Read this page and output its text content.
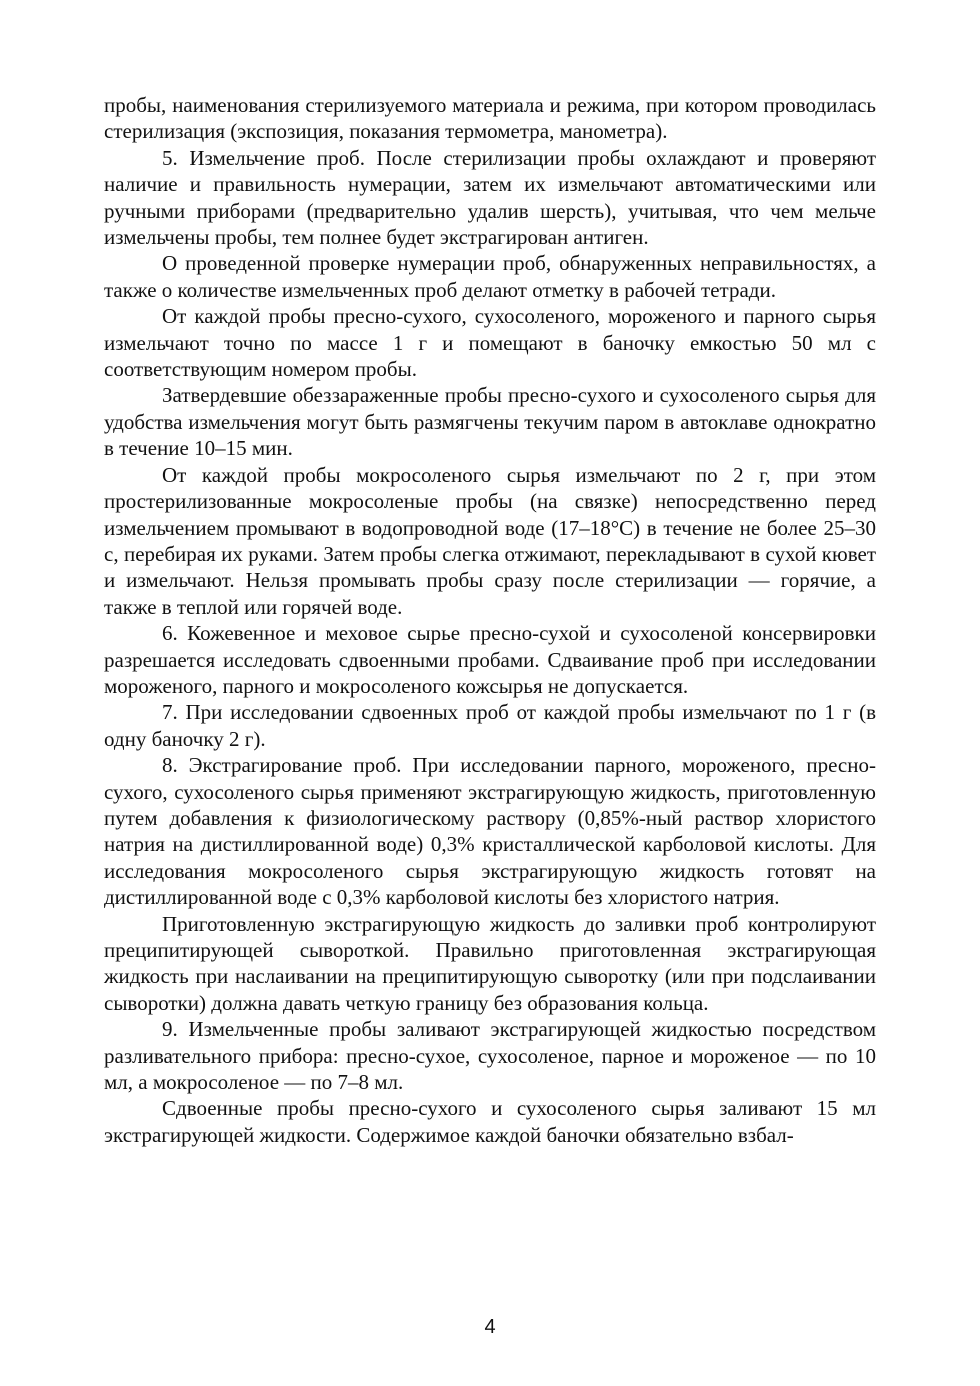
пробы, наименования стерилизуемого материала и режима, при котором проводилась стерилизация (экспозиция, показания термометра, манометра).

5. Измельчение проб. После стерилизации пробы охлаждают и проверяют наличие и правильность нумерации, затем их измельчают автоматическими или ручными приборами (предварительно удалив шерсть), учитывая, что чем мельче измельчены пробы, тем полнее будет экстрагирован антиген.

О проведенной проверке нумерации проб, обнаруженных неправильностях, а также о количестве измельченных проб делают отметку в рабочей тетради.

От каждой пробы пресно-сухого, сухосоленого, мороженого и парного сырья измельчают точно по массе 1 г и помещают в баночку емкостью 50 мл с соответствующим номером пробы.

Затвердевшие обеззараженные пробы пресно-сухого и сухосоленого сырья для удобства измельчения могут быть размягчены текучим паром в автоклаве однократно в течение 10–15 мин.

От каждой пробы мокросоленого сырья измельчают по 2 г, при этом простерилизованные мокросоленые пробы (на связке) непосредственно перед измельчением промывают в водопроводной воде (17–18°С) в течение не более 25–30 с, перебирая их руками. Затем пробы слегка отжимают, перекладывают в сухой кювет и измельчают. Нельзя промывать пробы сразу после стерилизации — горячие, а также в теплой или горячей воде.

6. Кожевенное и меховое сырье пресно-сухой и сухосоленой консервировки разрешается исследовать сдвоенными пробами. Сдваивание проб при исследовании мороженого, парного и мокросоленого кожсырья не допускается.

7. При исследовании сдвоенных проб от каждой пробы измельчают по 1 г (в одну баночку 2 г).

8. Экстрагирование проб. При исследовании парного, мороженого, пресно-сухого, сухосоленого сырья применяют экстрагирующую жидкость, приготовленную путем добавления к физиологическому раствору (0,85%-ный раствор хлористого натрия на дистиллированной воде) 0,3% кристаллической карболовой кислоты. Для исследования мокросоленого сырья экстрагирующую жидкость готовят на дистиллированной воде с 0,3% карболовой кислоты без хлористого натрия.

Приготовленную экстрагирующую жидкость до заливки проб контролируют преципитирующей сывороткой. Правильно приготовленная экстрагирующая жидкость при наслаивании на преципитирующую сыворотку (или при подслаивании сыворотки) должна давать четкую границу без образования кольца.

9. Измельченные пробы заливают экстрагирующей жидкостью посредством разливательного прибора: пресно-сухое, сухосоленое, парное и мороженое — по 10 мл, а мокросоленое — по 7–8 мл.

Сдвоенные пробы пресно-сухого и сухосоленого сырья заливают 15 мл экстрагирующей жидкости. Содержимое каждой баночки обязательно взбал-

4
